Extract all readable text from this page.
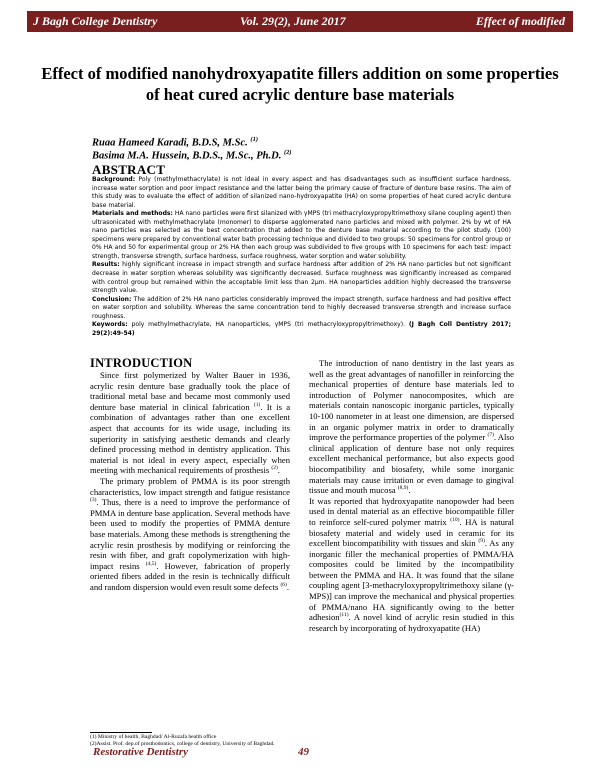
J Bagh College Dentistry	Vol. 29(2), June 2017	Effect of modified
Effect of modified nanohydroxyapatite fillers addition on some properties of heat cured acrylic denture base materials
Ruaa Hameed Karadi, B.D.S, M.Sc. $^{(1)}$
Basima M.A. Hussein, B.D.S., M.Sc., Ph.D. $^{(2)}$
ABSTRACT

Background: Poly (methylmethacrylate) is not ideal in every aspect and has disadvantages such as insufficient surface hardness, increase water sorption and poor impact resistance and the latter being the primary cause of fracture of denture base resins. The aim of this study was to evaluate the effect of addition of silanized nano-hydroxyapatite (HA) on some properties of heat cured acrylic denture base material.

Materials and methods: HA nano particles were first silanized with γMPS (tri methacryloxypropyltrimethoxy silane coupling agent) then ultrasonicated with methylmethacrylate (monomer) to disperse agglomerated nano particles and mixed with polymer. 2% by wt of HA nano particles was selected as the best concentration that added to the denture base material according to the pilot study. (100) specimens were prepared by conventional water bath processing technique and divided to two groups: 50 specimens for control group or 0% HA and 50 for experimental group or 2% HA then each group was subdivided to five groups with 10 specimens for each test: impact strength, transverse strength, surface hardness, surface roughness, water sorption and water solubility.

Results: highly significant increase in impact strength and surface hardness after addition of 2% HA nano particles but not significant decrease in water sorption whereas solubility was significantly decreased. Surface roughness was significantly increased as compared with control group but remained within the acceptable limit less than 2μm. HA nanoparticles addition highly decreased the transverse strength value.

Conclusion: The addition of 2% HA nano particles considerably improved the impact strength, surface hardness and had positive effect on water sorption and solubility. Whereas the same concentration tend to highly decreased transverse strength and increase surface roughness.

Keywords: poly methylmethacrylate, HA nanoparticles, γMPS (tri methacryloxypropyltrimethoxy). (J Bagh Coll Dentistry 2017; 29(2):49-54)

INTRODUCTION

Since first polymerized by Walter Bauer in 1936, acrylic resin denture base gradually took the place of traditional metal base and became most commonly used denture base material in clinical fabrication $^{(1)}$. It is a combination of advantages rather than one excellent aspect that accounts for its wide usage, including its superiority in satisfying aesthetic demands and clearly defined processing method in dentistry application. This material is not ideal in every aspect, especially when meeting with mechanical requirements of prosthesis $^{(2)}$.

The primary problem of PMMA is its poor strength characteristics, low impact strength and fatigue resistance $^{(3)}$. Thus, there is a need to improve the performance of PMMA in denture base application. Several methods have been used to modify the properties of PMMA denture base materials. Among these methods is strengthening the acrylic resin prosthesis by modifying or reinforcing the resin with fiber, and graft copolymerization with high-impact resins $^{(4,5)}$. However, fabrication of properly oriented fibers added in the resin is technically difficult and random dispersion would even result some defects $^{(6)}$.

(1) Ministry of health, Baghdad/ Al-Ruzafa health office
(2)Assist. Prof. dep.of prosthodontics, college of dentistry, University of Baghdad.

The introduction of nano dentistry in the last years as well as the great advantages of nanofiller in reinforcing the mechanical properties of denture base materials led to introduction of Polymer nanocomposites, which are materials contain nanoscopic inorganic particles, typically 10-100 nanometer in at least one dimension, are dispersed in an organic polymer matrix in order to dramatically improve the performance properties of the polymer $^{(7)}$. Also clinical application of denture base not only requires excellent mechanical performance, but also expects good biocompatibility and biosafety, while some inorganic materials may cause irritation or even damage to gingival tissue and mouth mucosa $^{(8,9)}$.

It was reported that hydroxyapatite nanopowder had been used in dental material as an effective biocompatible filler to reinforce self-cured polymer matrix $^{(10)}$. HA is natural biosafety material and widely used in ceramic for its excellent biocompatibility with tissues and skin $^{(9)}$. As any inorganic filler the mechanical properties of PMMA/HA composites could be limited by the incompatibility between the PMMA and HA. It was found that the silane coupling agent [3-methacryloxypropyltrimethoxy silane (γ-MPS)] can improve the mechanical and physical properties of PMMA/nano HA significantly owing to the better adhesion$^{(11)}$. A novel kind of acrylic resin studied in this research by incorporating of hydroxyapatite (HA)

Restorative Dentistry	49
